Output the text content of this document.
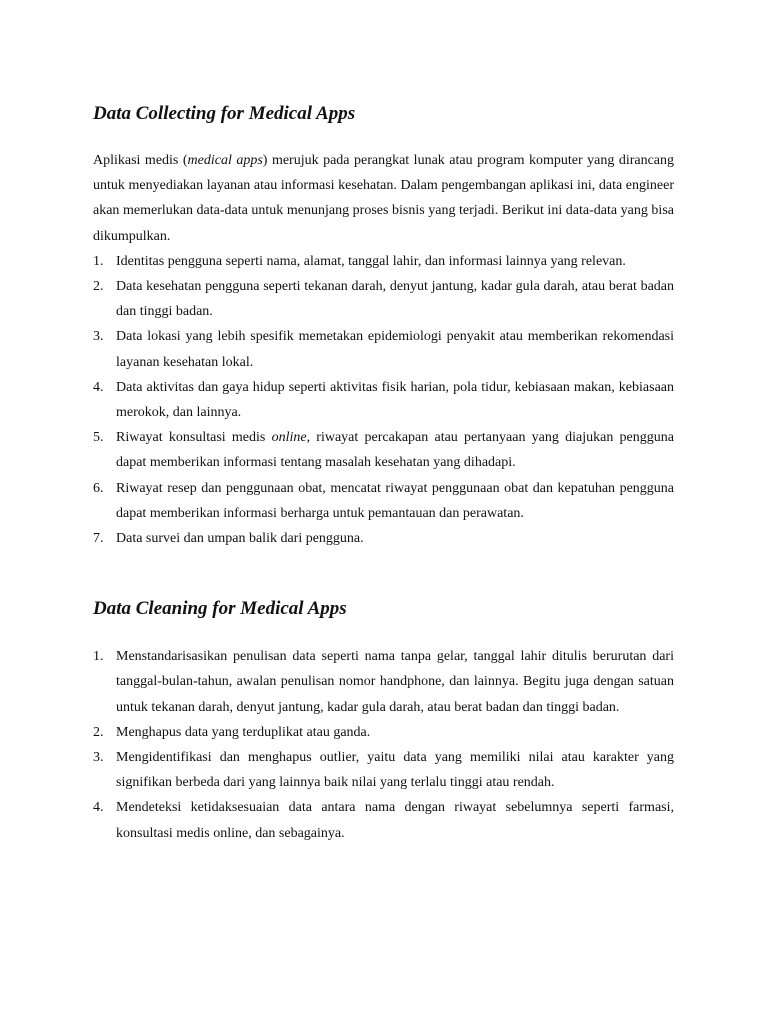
Data Collecting for Medical Apps

Aplikasi medis (medical apps) merujuk pada perangkat lunak atau program komputer yang dirancang untuk menyediakan layanan atau informasi kesehatan. Dalam pengembangan aplikasi ini, data engineer akan memerlukan data-data untuk menunjang proses bisnis yang terjadi. Berikut ini data-data yang bisa dikumpulkan.

1. Identitas pengguna seperti nama, alamat, tanggal lahir, dan informasi lainnya yang relevan.
2. Data kesehatan pengguna seperti tekanan darah, denyut jantung, kadar gula darah, atau berat badan dan tinggi badan.
3. Data lokasi yang lebih spesifik memetakan epidemiologi penyakit atau memberikan rekomendasi layanan kesehatan lokal.
4. Data aktivitas dan gaya hidup seperti aktivitas fisik harian, pola tidur, kebiasaan makan, kebiasaan merokok, dan lainnya.
5. Riwayat konsultasi medis online, riwayat percakapan atau pertanyaan yang diajukan pengguna dapat memberikan informasi tentang masalah kesehatan yang dihadapi.
6. Riwayat resep dan penggunaan obat, mencatat riwayat penggunaan obat dan kepatuhan pengguna dapat memberikan informasi berharga untuk pemantauan dan perawatan.
7. Data survei dan umpan balik dari pengguna.
Data Cleaning for Medical Apps
1. Menstandarisasikan penulisan data seperti nama tanpa gelar, tanggal lahir ditulis berurutan dari tanggal-bulan-tahun, awalan penulisan nomor handphone, dan lainnya. Begitu juga dengan satuan untuk tekanan darah, denyut jantung, kadar gula darah, atau berat badan dan tinggi badan.
2. Menghapus data yang terduplikat atau ganda.
3. Mengidentifikasi dan menghapus outlier, yaitu data yang memiliki nilai atau karakter yang signifikan berbeda dari yang lainnya baik nilai yang terlalu tinggi atau rendah.
4. Mendeteksi ketidaksesuaian data antara nama dengan riwayat sebelumnya seperti farmasi, konsultasi medis online, dan sebagainya.
